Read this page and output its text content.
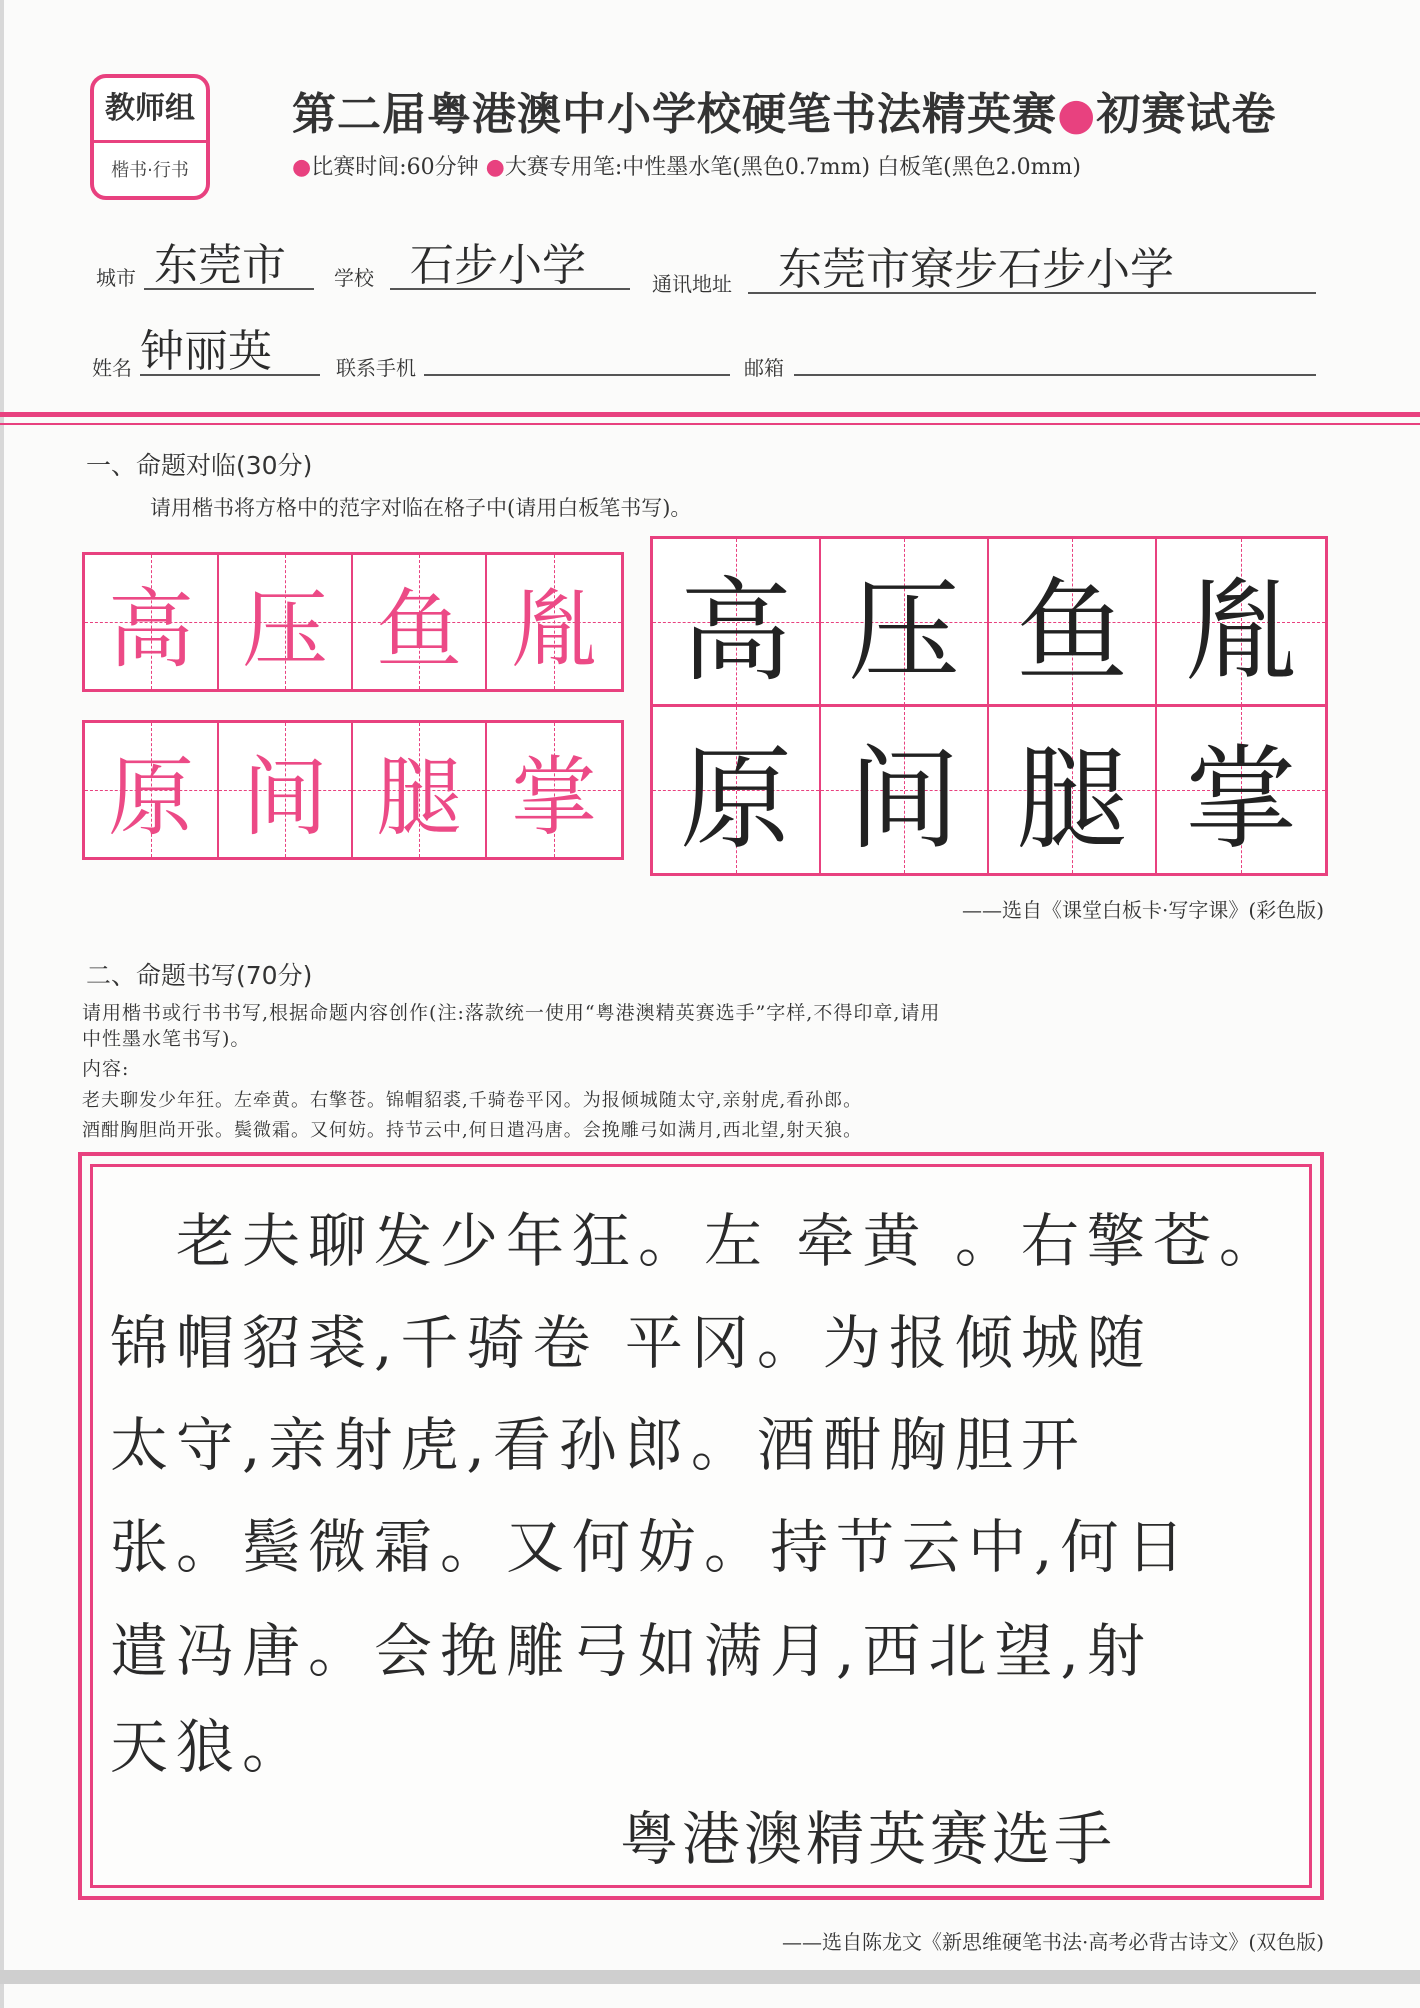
教师组
楷书·行书
第二届粤港澳中小学校硬笔书法精英赛●初赛试卷
●比赛时间:60分钟 ●大赛专用笔:中性墨水笔(黑色0.7mm) 白板笔(黑色2.0mm)
城市 东莞市	学校 石步小学	通讯地址	东莞市寮步石步小学
姓名 钟丽英	联系手机	邮箱
一、命题对临(30分)
请用楷书将方格中的范字对临在格子中(请用白板笔书写)。
高 压 鱼 胤
原 间 腿 掌
高 压 鱼 胤
原 间 腿 掌
——选自《课堂白板卡·写字课》(彩色版)
二、命题书写(70分)
请用楷书或行书书写,根据命题内容创作(注:落款统一使用“粤港澳精英赛选手”字样,不得印章,请用
中性墨水笔书写)。
内容:
老夫聊发少年狂。左牵黄。右擎苍。锦帽貂裘,千骑卷平冈。为报倾城随太守,亲射虎,看孙郎。
酒酣胸胆尚开张。鬓微霜。又何妨。持节云中,何日遣冯唐。会挽雕弓如满月,西北望,射天狼。
老夫聊发少年狂。左 牵黄 。右擎苍。
锦帽貂裘,千骑卷 平冈。为报倾城随
太守,亲射虎,看孙郎。酒酣胸胆开
张。鬓微霜。又何妨。持节云中,何日
遣冯唐。会挽雕弓如满月,西北望,射
天狼。
粤港澳精英赛选手
——选自陈龙文《新思维硬笔书法·高考必背古诗文》(双色版)
